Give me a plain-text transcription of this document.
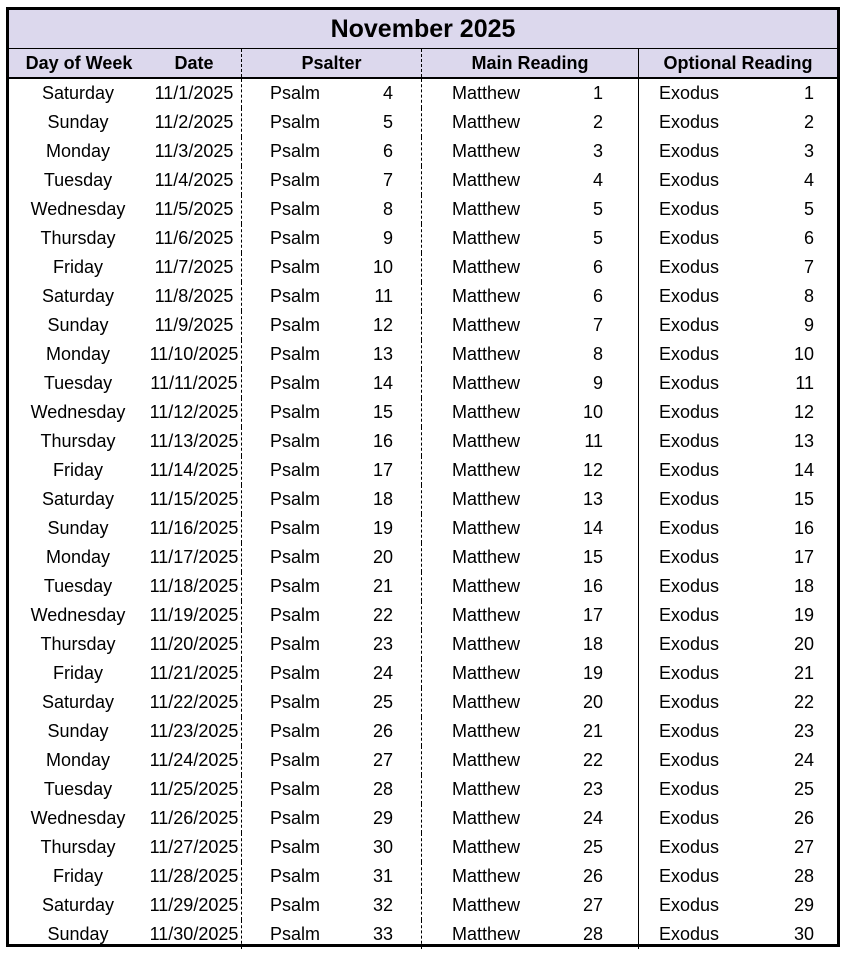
November 2025
Day of Week	Date	Psalter	Main Reading	Optional Reading
Saturday	11/1/2025	Psalm	4	Matthew	1	Exodus	1
Sunday	11/2/2025	Psalm	5	Matthew	2	Exodus	2
Monday	11/3/2025	Psalm	6	Matthew	3	Exodus	3
Tuesday	11/4/2025	Psalm	7	Matthew	4	Exodus	4
Wednesday	11/5/2025	Psalm	8	Matthew	5	Exodus	5
Thursday	11/6/2025	Psalm	9	Matthew	5	Exodus	6
Friday	11/7/2025	Psalm	10	Matthew	6	Exodus	7
Saturday	11/8/2025	Psalm	11	Matthew	6	Exodus	8
Sunday	11/9/2025	Psalm	12	Matthew	7	Exodus	9
Monday	11/10/2025 Psalm	13	Matthew	8	Exodus	10
Tuesday	11/11/2025 Psalm	14	Matthew	9	Exodus	11
Wednesday	11/12/2025 Psalm	15	Matthew	10	Exodus	12
Thursday	11/13/2025 Psalm	16	Matthew	11	Exodus	13
Friday	11/14/2025 Psalm	17	Matthew	12	Exodus	14
Saturday	11/15/2025 Psalm	18	Matthew	13	Exodus	15
Sunday	11/16/2025 Psalm	19	Matthew	14	Exodus	16
Monday	11/17/2025 Psalm	20	Matthew	15	Exodus	17
Tuesday	11/18/2025 Psalm	21	Matthew	16	Exodus	18
Wednesday	11/19/2025 Psalm	22	Matthew	17	Exodus	19
Thursday	11/20/2025 Psalm	23	Matthew	18	Exodus	20
Friday	11/21/2025 Psalm	24	Matthew	19	Exodus	21
Saturday	11/22/2025 Psalm	25	Matthew	20	Exodus	22
Sunday	11/23/2025 Psalm	26	Matthew	21	Exodus	23
Monday	11/24/2025 Psalm	27	Matthew	22	Exodus	24
Tuesday	11/25/2025 Psalm	28	Matthew	23	Exodus	25
Wednesday	11/26/2025 Psalm	29	Matthew	24	Exodus	26
Thursday	11/27/2025 Psalm	30	Matthew	25	Exodus	27
Friday	11/28/2025 Psalm	31	Matthew	26	Exodus	28
Saturday	11/29/2025 Psalm	32	Matthew	27	Exodus	29
Sunday	11/30/2025 Psalm	33	Matthew	28	Exodus	30
